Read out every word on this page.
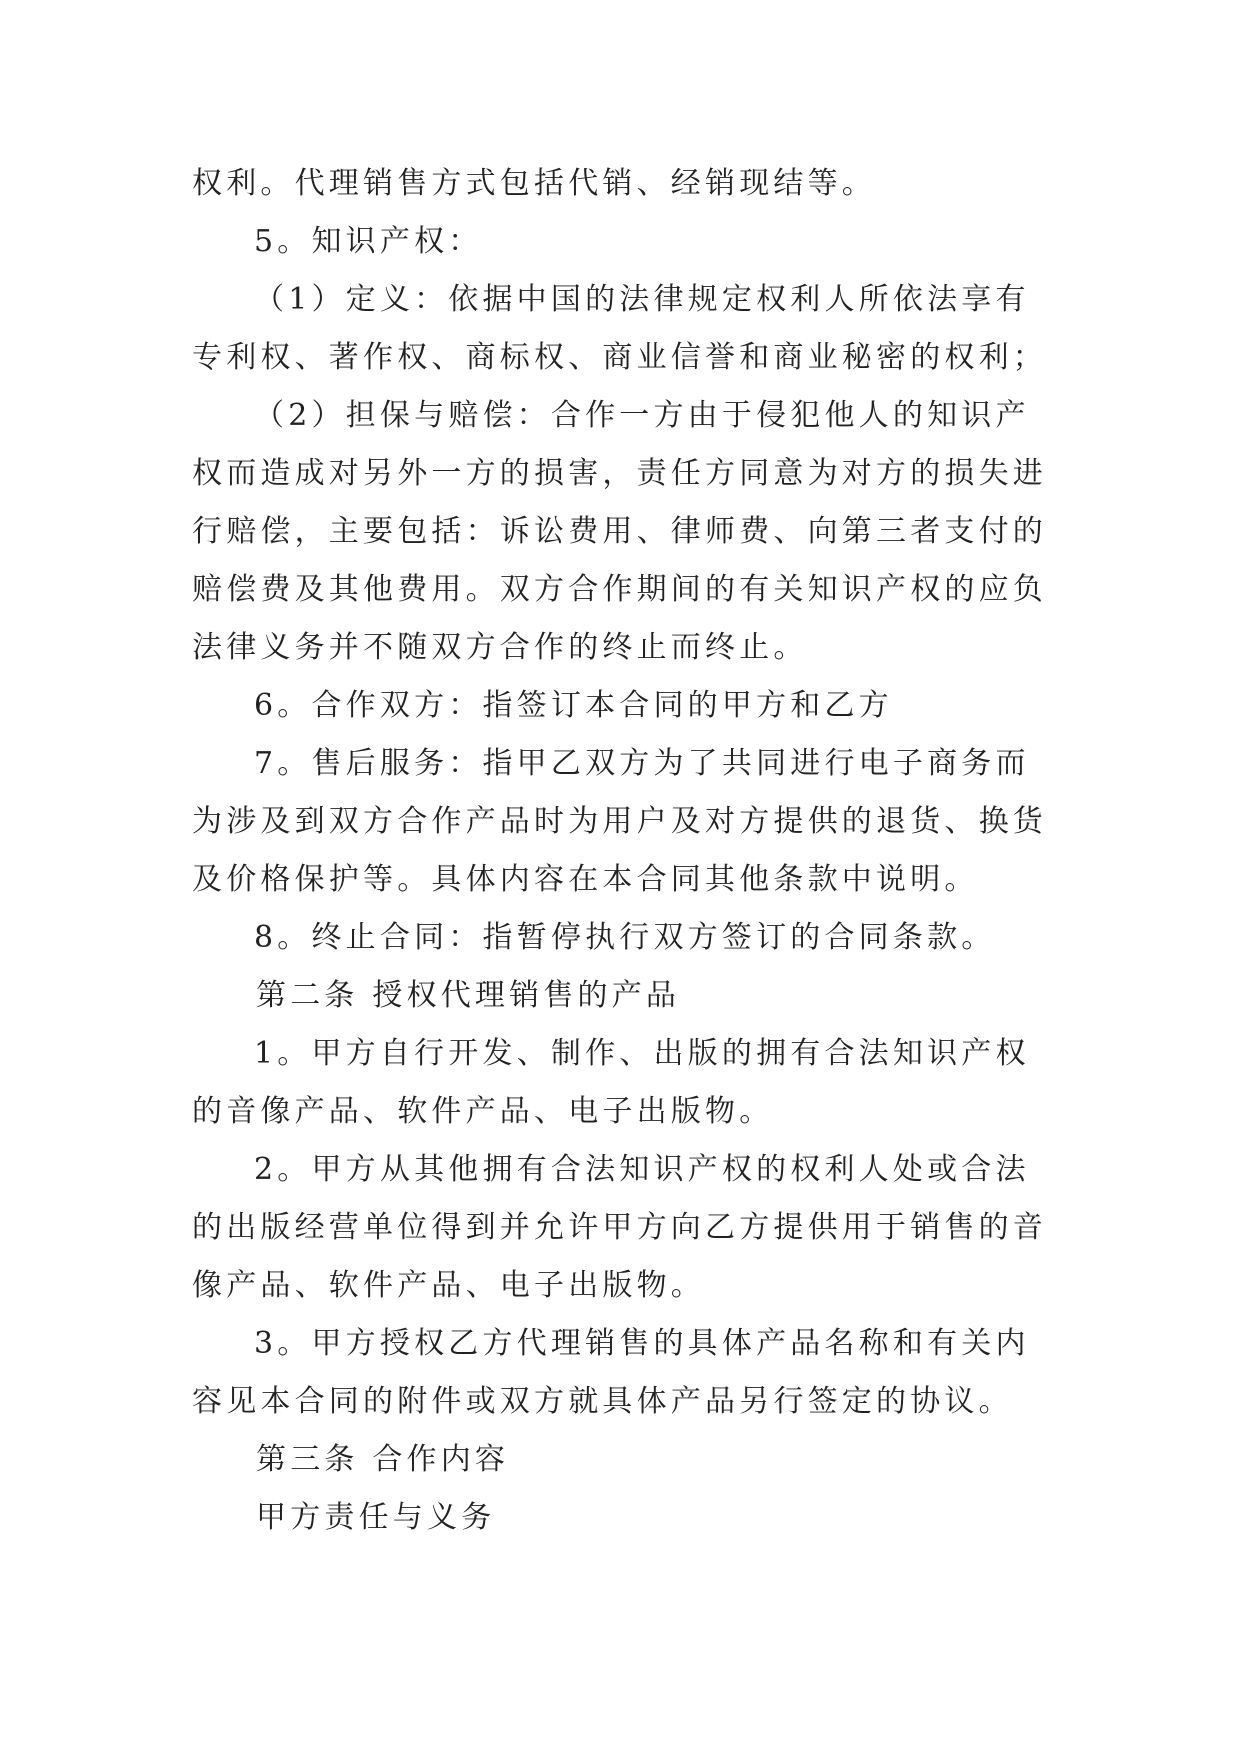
权利。代理销售方式包括代销、经销现结等。

5。知识产权：

（1）定义：依据中国的法律规定权利人所依法享有专利权、著作权、商标权、商业信誉和商业秘密的权利；

（2）担保与赔偿：合作一方由于侵犯他人的知识产权而造成对另外一方的损害，责任方同意为对方的损失进行赔偿，主要包括：诉讼费用、律师费、向第三者支付的赔偿费及其他费用。双方合作期间的有关知识产权的应负法律义务并不随双方合作的终止而终止。

6。合作双方：指签订本合同的甲方和乙方

7。售后服务：指甲乙双方为了共同进行电子商务而为涉及到双方合作产品时为用户及对方提供的退货、换货及价格保护等。具体内容在本合同其他条款中说明。

8。终止合同：指暂停执行双方签订的合同条款。

第二条 授权代理销售的产品

1。甲方自行开发、制作、出版的拥有合法知识产权的音像产品、软件产品、电子出版物。

2。甲方从其他拥有合法知识产权的权利人处或合法的出版经营单位得到并允许甲方向乙方提供用于销售的音像产品、软件产品、电子出版物。

3。甲方授权乙方代理销售的具体产品名称和有关内容见本合同的附件或双方就具体产品另行签定的协议。

第三条 合作内容

甲方责任与义务
